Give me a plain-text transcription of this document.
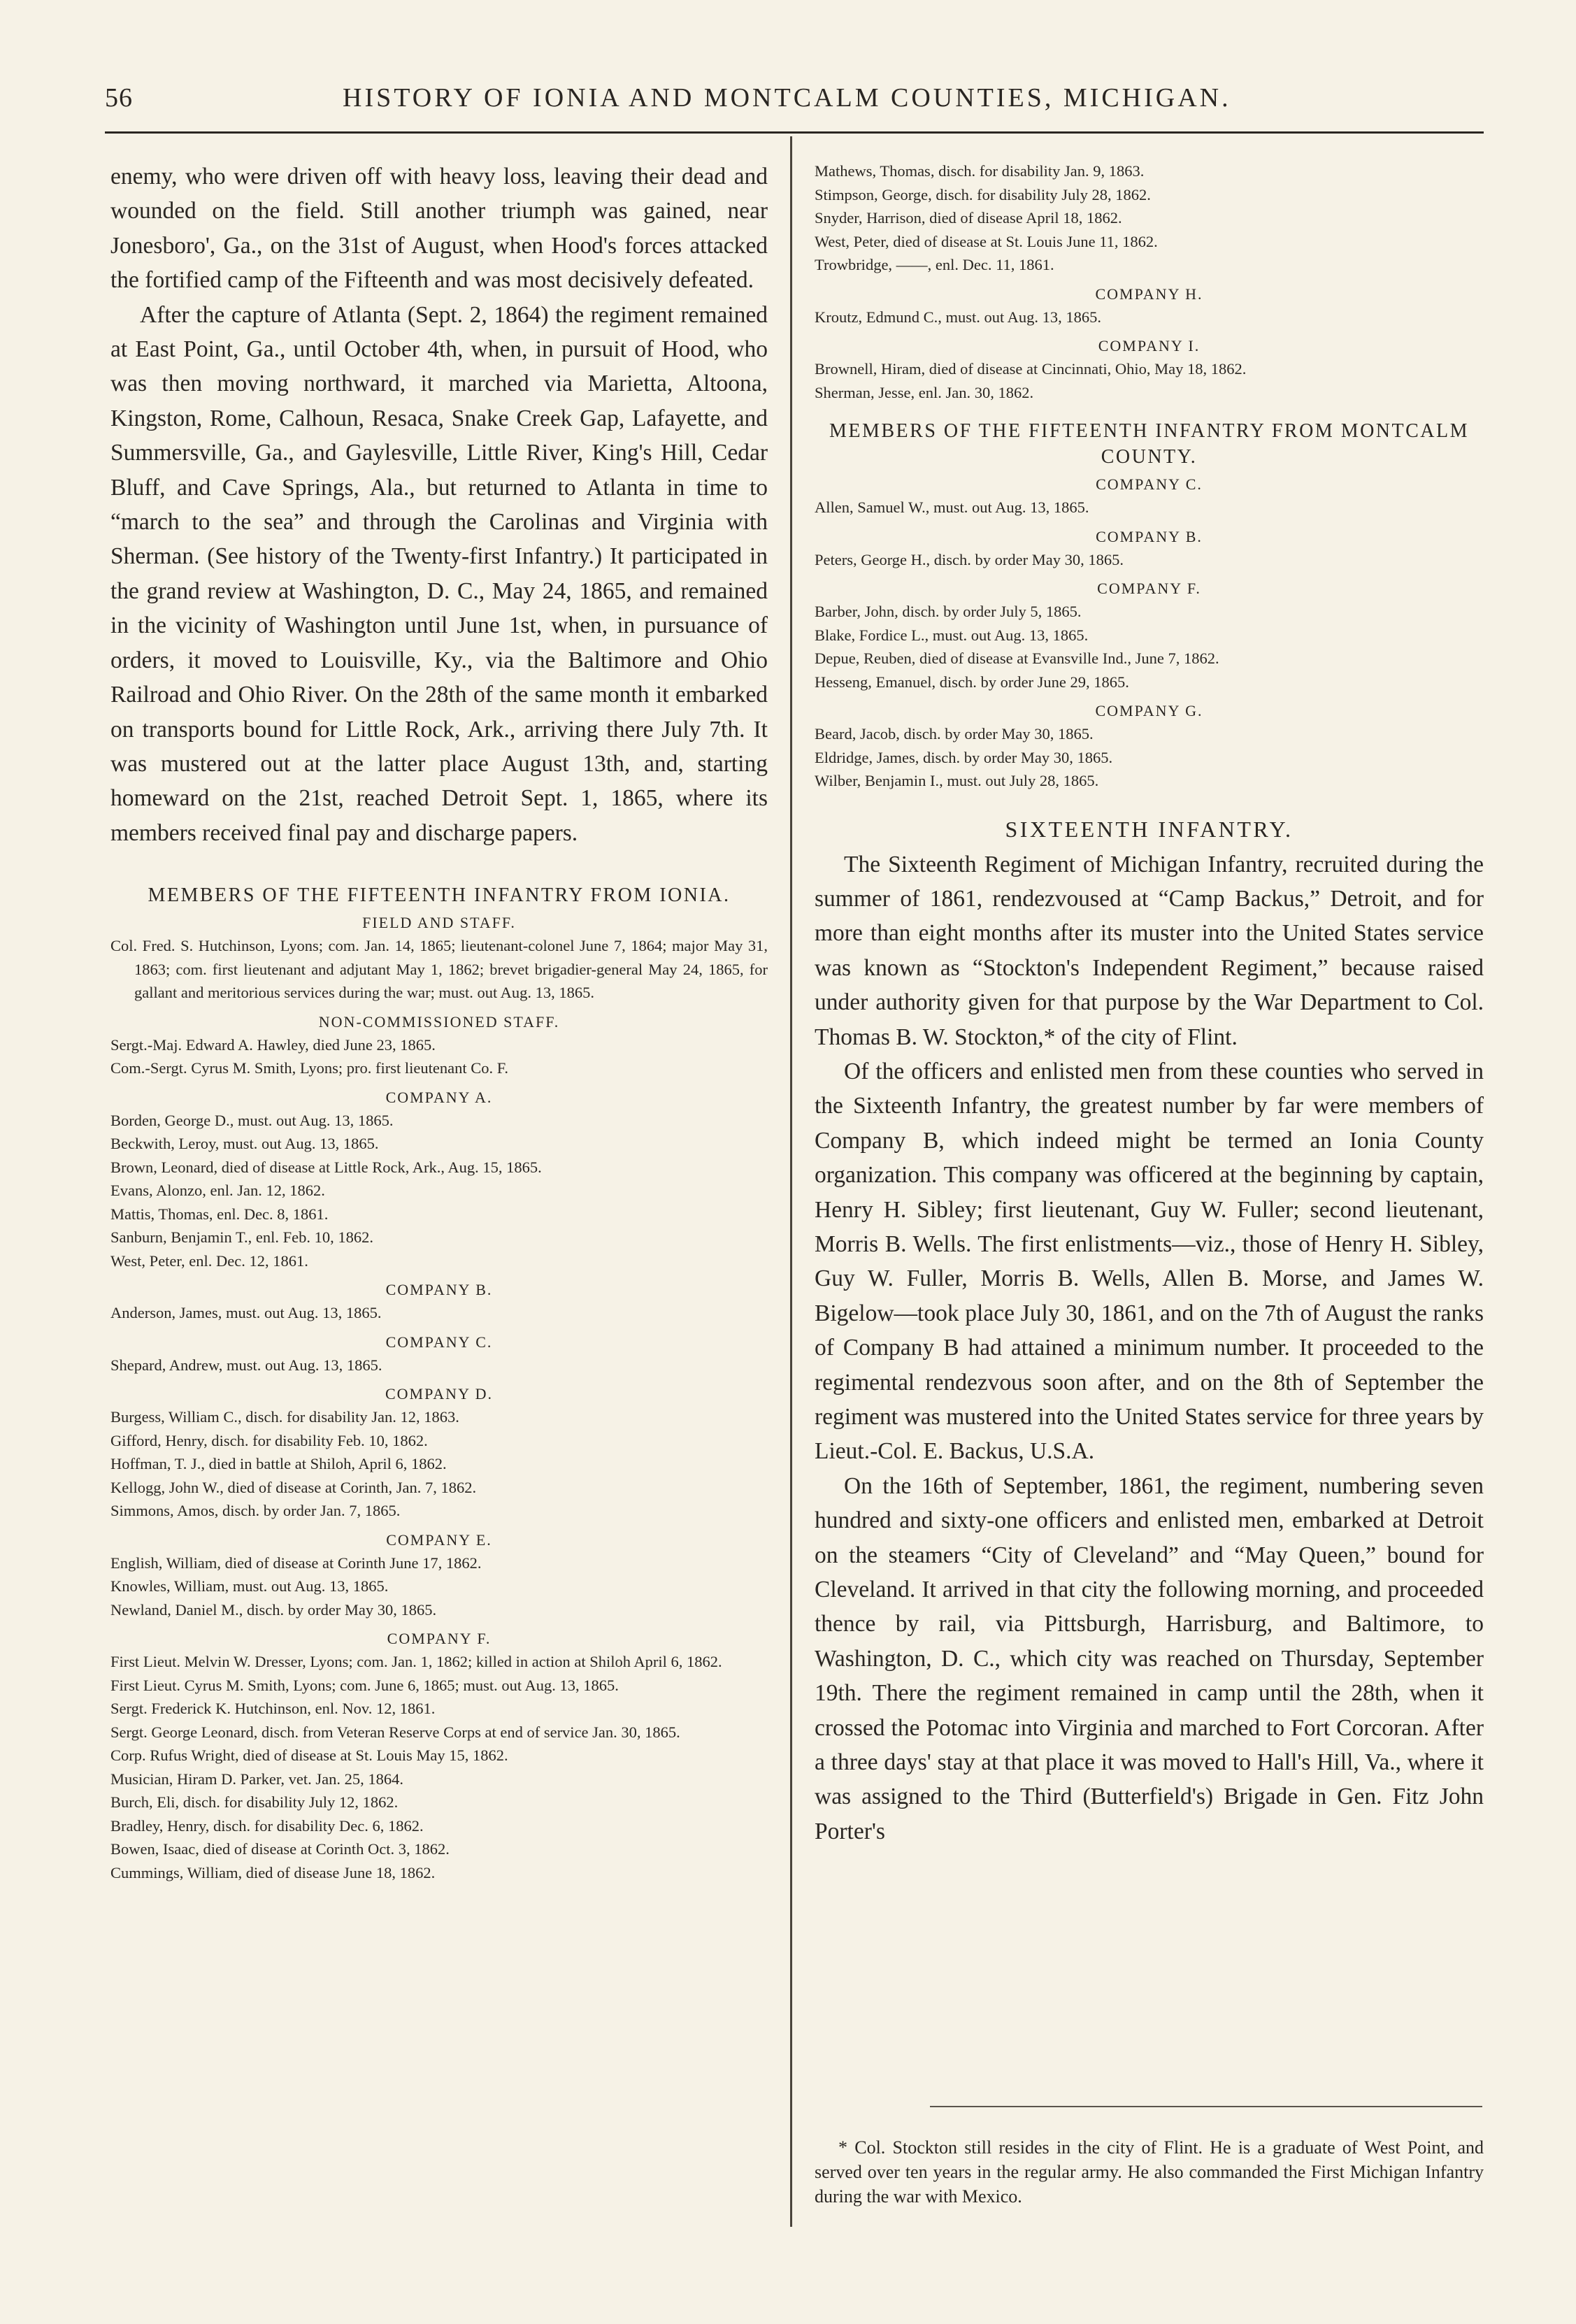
56	HISTORY OF IONIA AND MONTCALM COUNTIES, MICHIGAN.

enemy, who were driven off with heavy loss, leaving their dead and wounded on the field. Still another triumph was gained, near Jonesboro', Ga., on the 31st of August, when Hood's forces attacked the fortified camp of the Fifteenth and was most decisively defeated.

After the capture of Atlanta (Sept. 2, 1864) the regiment remained at East Point, Ga., until October 4th, when, in pursuit of Hood, who was then moving northward, it marched via Marietta, Altoona, Kingston, Rome, Calhoun, Resaca, Snake Creek Gap, Lafayette, and Summersville, Ga., and Gaylesville, Little River, King's Hill, Cedar Bluff, and Cave Springs, Ala., but returned to Atlanta in time to “march to the sea” and through the Carolinas and Virginia with Sherman. (See history of the Twenty-first Infantry.) It participated in the grand review at Washington, D. C., May 24, 1865, and remained in the vicinity of Washington until June 1st, when, in pursuance of orders, it moved to Louisville, Ky., via the Baltimore and Ohio Railroad and Ohio River. On the 28th of the same month it embarked on transports bound for Little Rock, Ark., arriving there July 7th. It was mustered out at the latter place August 13th, and, starting homeward on the 21st, reached Detroit Sept. 1, 1865, where its members received final pay and discharge papers.

MEMBERS OF THE FIFTEENTH INFANTRY FROM IONIA.

FIELD AND STAFF.

Col. Fred. S. Hutchinson, Lyons; com. Jan. 14, 1865; lieutenant-colonel June 7, 1864; major May 31, 1863; com. first lieutenant and adjutant May 1, 1862; brevet brigadier-general May 24, 1865, for gallant and meritorious services during the war; must. out Aug. 13, 1865.

NON-COMMISSIONED STAFF.

Sergt.-Maj. Edward A. Hawley, died June 23, 1865.

Com.-Sergt. Cyrus M. Smith, Lyons; pro. first lieutenant Co. F.

COMPANY A.

Borden, George D., must. out Aug. 13, 1865.

Beckwith, Leroy, must. out Aug. 13, 1865.

Brown, Leonard, died of disease at Little Rock, Ark., Aug. 15, 1865.

Evans, Alonzo, enl. Jan. 12, 1862.

Mattis, Thomas, enl. Dec. 8, 1861.

Sanburn, Benjamin T., enl. Feb. 10, 1862.

West, Peter, enl. Dec. 12, 1861.

COMPANY B.

Anderson, James, must. out Aug. 13, 1865.

COMPANY C.

Shepard, Andrew, must. out Aug. 13, 1865.

COMPANY D.

Burgess, William C., disch. for disability Jan. 12, 1863.

Gifford, Henry, disch. for disability Feb. 10, 1862.

Hoffman, T. J., died in battle at Shiloh, April 6, 1862.

Kellogg, John W., died of disease at Corinth, Jan. 7, 1862.

Simmons, Amos, disch. by order Jan. 7, 1865.

COMPANY E.

English, William, died of disease at Corinth June 17, 1862.

Knowles, William, must. out Aug. 13, 1865.

Newland, Daniel M., disch. by order May 30, 1865.

COMPANY F.

First Lieut. Melvin W. Dresser, Lyons; com. Jan. 1, 1862; killed in action at Shiloh April 6, 1862.

First Lieut. Cyrus M. Smith, Lyons; com. June 6, 1865; must. out Aug. 13, 1865.

Sergt. Frederick K. Hutchinson, enl. Nov. 12, 1861.

Sergt. George Leonard, disch. from Veteran Reserve Corps at end of service Jan. 30, 1865.

Corp. Rufus Wright, died of disease at St. Louis May 15, 1862.

Musician, Hiram D. Parker, vet. Jan. 25, 1864.

Burch, Eli, disch. for disability July 12, 1862.

Bradley, Henry, disch. for disability Dec. 6, 1862.

Bowen, Isaac, died of disease at Corinth Oct. 3, 1862.

Cummings, William, died of disease June 18, 1862.

Mathews, Thomas, disch. for disability Jan. 9, 1863.

Stimpson, George, disch. for disability July 28, 1862.

Snyder, Harrison, died of disease April 18, 1862.

West, Peter, died of disease at St. Louis June 11, 1862.

Trowbridge, ——, enl. Dec. 11, 1861.

COMPANY H.

Kroutz, Edmund C., must. out Aug. 13, 1865.

COMPANY I.

Brownell, Hiram, died of disease at Cincinnati, Ohio, May 18, 1862.

Sherman, Jesse, enl. Jan. 30, 1862.

MEMBERS OF THE FIFTEENTH INFANTRY FROM MONTCALM COUNTY.

COMPANY C.

Allen, Samuel W., must. out Aug. 13, 1865.

COMPANY B.

Peters, George H., disch. by order May 30, 1865.

COMPANY F.

Barber, John, disch. by order July 5, 1865.

Blake, Fordice L., must. out Aug. 13, 1865.

Depue, Reuben, died of disease at Evansville Ind., June 7, 1862.

Hesseng, Emanuel, disch. by order June 29, 1865.

COMPANY G.

Beard, Jacob, disch. by order May 30, 1865.

Eldridge, James, disch. by order May 30, 1865.

Wilber, Benjamin I., must. out July 28, 1865.

SIXTEENTH INFANTRY.

The Sixteenth Regiment of Michigan Infantry, recruited during the summer of 1861, rendezvoused at “Camp Backus,” Detroit, and for more than eight months after its muster into the United States service was known as “Stockton's Independent Regiment,” because raised under authority given for that purpose by the War Department to Col. Thomas B. W. Stockton,* of the city of Flint.

Of the officers and enlisted men from these counties who served in the Sixteenth Infantry, the greatest number by far were members of Company B, which indeed might be termed an Ionia County organization. This company was officered at the beginning by captain, Henry H. Sibley; first lieutenant, Guy W. Fuller; second lieutenant, Morris B. Wells. The first enlistments—viz., those of Henry H. Sibley, Guy W. Fuller, Morris B. Wells, Allen B. Morse, and James W. Bigelow—took place July 30, 1861, and on the 7th of August the ranks of Company B had attained a minimum number. It proceeded to the regimental rendezvous soon after, and on the 8th of September the regiment was mustered into the United States service for three years by Lieut.-Col. E. Backus, U.S.A.

On the 16th of September, 1861, the regiment, numbering seven hundred and sixty-one officers and enlisted men, embarked at Detroit on the steamers “City of Cleveland” and “May Queen,” bound for Cleveland. It arrived in that city the following morning, and proceeded thence by rail, via Pittsburgh, Harrisburg, and Baltimore, to Washington, D. C., which city was reached on Thursday, September 19th. There the regiment remained in camp until the 28th, when it crossed the Potomac into Virginia and marched to Fort Corcoran. After a three days' stay at that place it was moved to Hall's Hill, Va., where it was assigned to the Third (Butterfield's) Brigade in Gen. Fitz John Porter's

* Col. Stockton still resides in the city of Flint. He is a graduate of West Point, and served over ten years in the regular army. He also commanded the First Michigan Infantry during the war with Mexico.
